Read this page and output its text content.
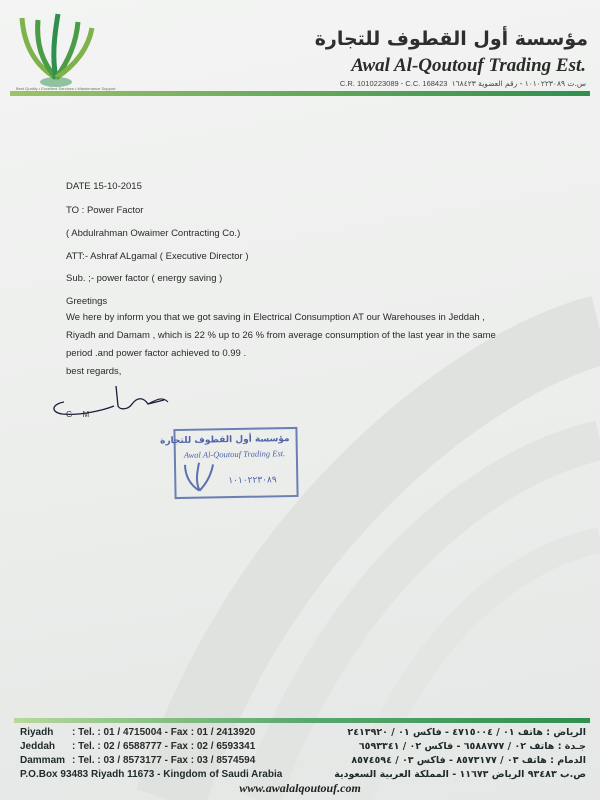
Best Quality • Excellent Services • Maintenance Support
مؤسسة أول القطوف للتجارة
Awal Al-Qoutouf Trading Est.
C.R. 1010223089 - C.C. 168423 س.ت ١٠١٠٢٢٣٠٨٩ - رقم العضوية ١٦٨٤٢٣
DATE 15-10-2015
TO : Power Factor
( Abdulrahman Owaimer Contracting Co.)
ATT:- Ashraf ALgamal ( Executive Director )
Sub. ;- power factor ( energy saving )
Greetings
We here by inform you that we got saving in Electrical Consumption AT our Warehouses in Jeddah ,
Riyadh and Damam , which is 22 % up to 26 % from average consumption of the last year in the same
period .and power factor achieved to 0.99 .
best regards,
G M
مؤسسة أول القطوف للتجارة
Awal Al-Qoutouf Trading Est.
١٠١٠٢٢٣٠٨٩
Riyadh : Tel. : 01 / 4715004 - Fax : 01 / 2413920
Jeddah : Tel. : 02 / 6588777 - Fax : 02 / 6593341
Dammam : Tel. : 03 / 8573177 - Fax : 03 / 8574594
P.O.Box 93483 Riyadh 11673 - Kingdom of Saudi Arabia
الرياض : هاتف ٠١ / ٤٧١٥٠٠٤ - فاكس ٠١ / ٢٤١٣٩٢٠
جـدة : هاتف ٠٢ / ٦٥٨٨٧٧٧ - فاكس ٠٢ / ٦٥٩٣٣٤١
الدمام : هاتف ٠٣ / ٨٥٧٣١٧٧ - فاكس ٠٣ / ٨٥٧٤٥٩٤
ص.ب ٩٣٤٨٣ الرياض ١١٦٧٣ - المملكة العربية السعودية
www.awalalqoutouf.com
